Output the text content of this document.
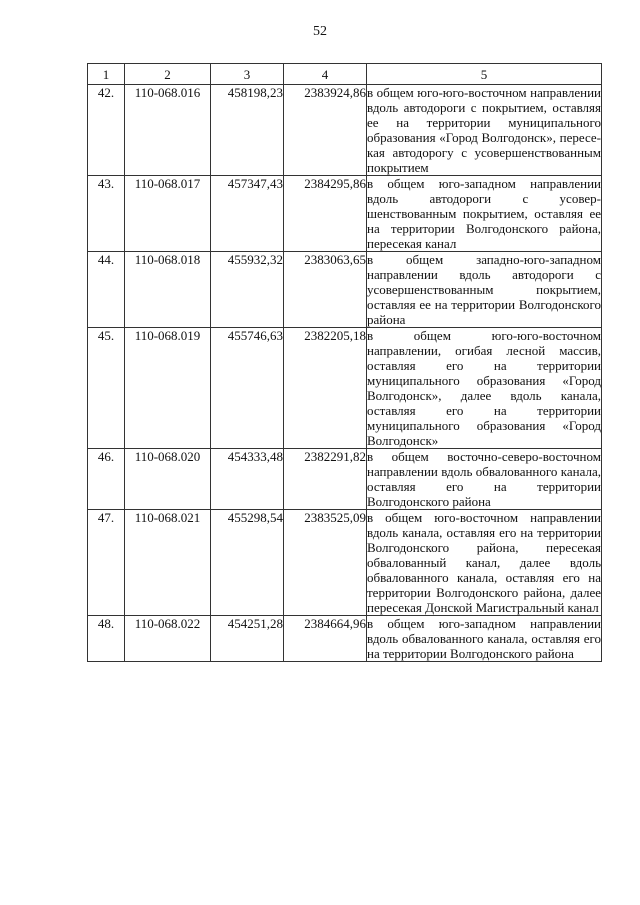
52
1	2	3	4	5
42.	110-068.016	458198,23	2383924,86	в общем юго-юго-восточном направлении вдоль автодороги с покрытием, оставляя ее на территории муниципального образования «Город Волгодонск», пересекая автодорогу с усовершенствованным покрытием
43.	110-068.017	457347,43	2384295,86	в общем юго-западном направлении вдоль автодороги с усовершенствованным покрытием, оставляя ее на территории Волгодонского района, пересекая канал
44.	110-068.018	455932,32	2383063,65	в общем западно-юго-западном направлении вдоль автодороги с усовершенствованным покрытием, оставляя ее на территории Волгодонского района
45.	110-068.019	455746,63	2382205,18	в общем юго-юго-восточном направлении, огибая лесной массив, оставляя его на территории муниципального образования «Город Волгодонск», далее вдоль канала, оставляя его на территории муниципального образования «Город Волгодонск»
46.	110-068.020	454333,48	2382291,82	в общем восточно-северо-восточном направлении вдоль обвалованного канала, оставляя его на территории Волгодонского района
47.	110-068.021	455298,54	2383525,09	в общем юго-восточном направлении вдоль канала, оставляя его на территории Волгодонского района, пересекая обвалованный канал, далее вдоль обвалованного канала, оставляя его на территории Волгодонского района, далее пересекая Донской Магистральный канал
48.	110-068.022	454251,28	2384664,96	в общем юго-западном направлении вдоль обвалованного канала, оставляя его на территории Волгодонского района
